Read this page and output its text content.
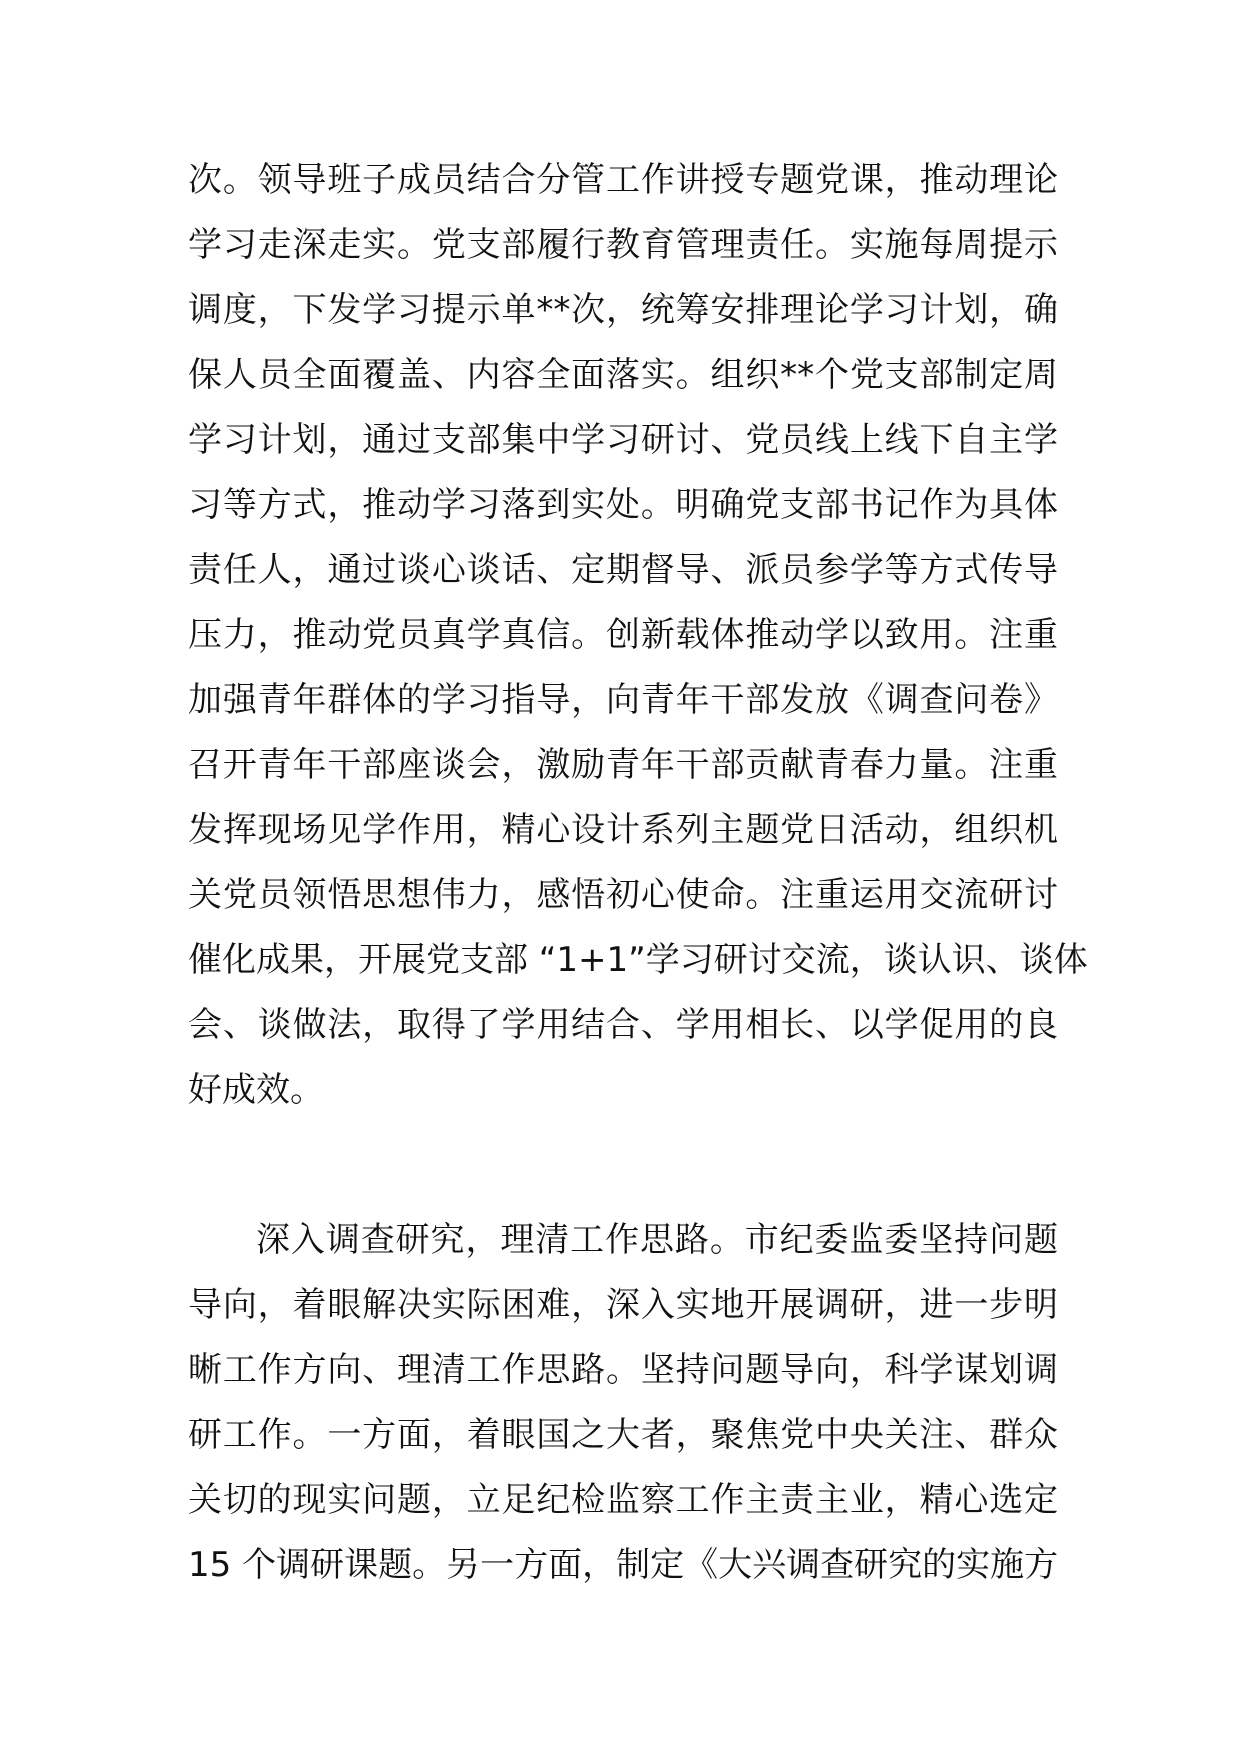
次。领导班子成员结合分管工作讲授专题党课，推动理论
学习走深走实。党支部履行教育管理责任。实施每周提示
调度，下发学习提示单**次，统筹安排理论学习计划，确
保人员全面覆盖、内容全面落实。组织**个党支部制定周
学习计划，通过支部集中学习研讨、党员线上线下自主学
习等方式，推动学习落到实处。明确党支部书记作为具体
责任人，通过谈心谈话、定期督导、派员参学等方式传导
压力，推动党员真学真信。创新载体推动学以致用。注重
加强青年群体的学习指导，向青年干部发放《调查问卷》
召开青年干部座谈会，激励青年干部贡献青春力量。注重
发挥现场见学作用，精心设计系列主题党日活动，组织机
关党员领悟思想伟力，感悟初心使命。注重运用交流研讨
催化成果，开展党支部 “1+1”学习研讨交流，谈认识、谈体
会、谈做法，取得了学用结合、学用相长、以学促用的良
好成效。
深入调查研究，理清工作思路。市纪委监委坚持问题
导向，着眼解决实际困难，深入实地开展调研，进一步明
晰工作方向、理清工作思路。坚持问题导向，科学谋划调
研工作。一方面，着眼国之大者，聚焦党中央关注、群众
关切的现实问题，立足纪检监察工作主责主业，精心选定
15 个调研课题。另一方面，制定《大兴调查研究的实施方
